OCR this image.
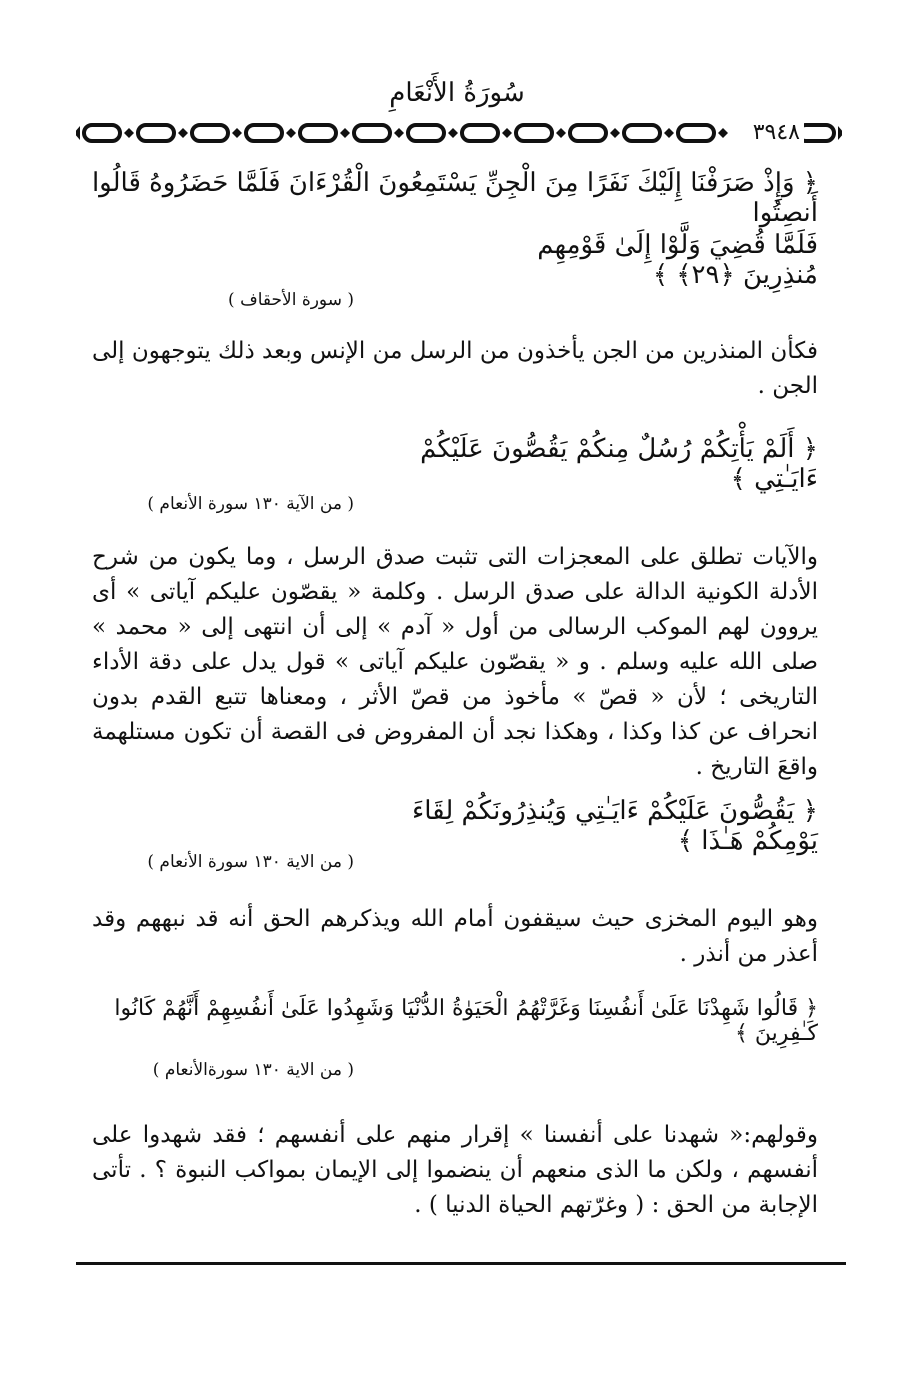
سُورَةُ الأَنْعَامِ
٣٩٤٨
﴿ وَإِذْ صَرَفْنَا إِلَيْكَ نَفَرًا مِنَ الْجِنِّ يَسْتَمِعُونَ الْقُرْءَانَ فَلَمَّا حَضَرُوهُ قَالُوا أَنصِتُوا
فَلَمَّا قُضِيَ وَلَّوْا إِلَىٰ قَوْمِهِم مُنذِرِينَ ﴿٢٩﴾ ﴾
( سورة الأحقاف )

فكأن المنذرين من الجن يأخذون من الرسل من الإنس وبعد ذلك يتوجهون إلى الجن .

﴿ أَلَمْ يَأْتِكُمْ رُسُلٌ مِنكُمْ يَقُصُّونَ عَلَيْكُمْ ءَايَـٰتِي ﴾
( من الآية ١٣٠ سورة الأنعام )

والآيات تطلق على المعجزات التى تثبت صدق الرسل ، وما يكون من شرح الأدلة الكونية الدالة على صدق الرسل . وكلمة « يقصّون عليكم آياتى » أى يروون لهم الموكب الرسالى من أول « آدم » إلى أن انتهى إلى « محمد » صلى الله عليه وسلم . و « يقصّون عليكم آياتى » قول يدل على دقة الأداء التاريخى ؛ لأن « قصّ » مأخوذ من قصّ الأثر ، ومعناها تتبع القدم بدون انحراف عن كذا وكذا ، وهكذا نجد أن المفروض فى القصة أن تكون مستلهمة واقعَ التاريخ .

﴿ يَقُصُّونَ عَلَيْكُمْ ءَايَـٰتِي وَيُنذِرُونَكُمْ لِقَاءَ يَوْمِكُمْ هَـٰذَا ﴾
( من الاية ١٣٠ سورة الأنعام )

وهو اليوم المخزى حيث سيقفون أمام الله ويذكرهم الحق أنه قد نبههم وقد أعذر من أنذر .

﴿ قَالُوا شَهِدْنَا عَلَىٰ أَنفُسِنَا وَغَرَّتْهُمُ الْحَيَوٰةُ الدُّنْيَا وَشَهِدُوا عَلَىٰ أَنفُسِهِمْ أَنَّهُمْ كَانُوا كَـٰفِرِينَ ﴾
( من الاية ١٣٠ سورةالأنعام )

وقولهم:« شهدنا على أنفسنا » إقرار منهم على أنفسهم ؛ فقد شهدوا على أنفسهم ، ولكن ما الذى منعهم أن ينضموا إلى الإيمان بمواكب النبوة ؟ . تأتى الإجابة من الحق : ( وغرّتهم الحياة الدنيا ) .
